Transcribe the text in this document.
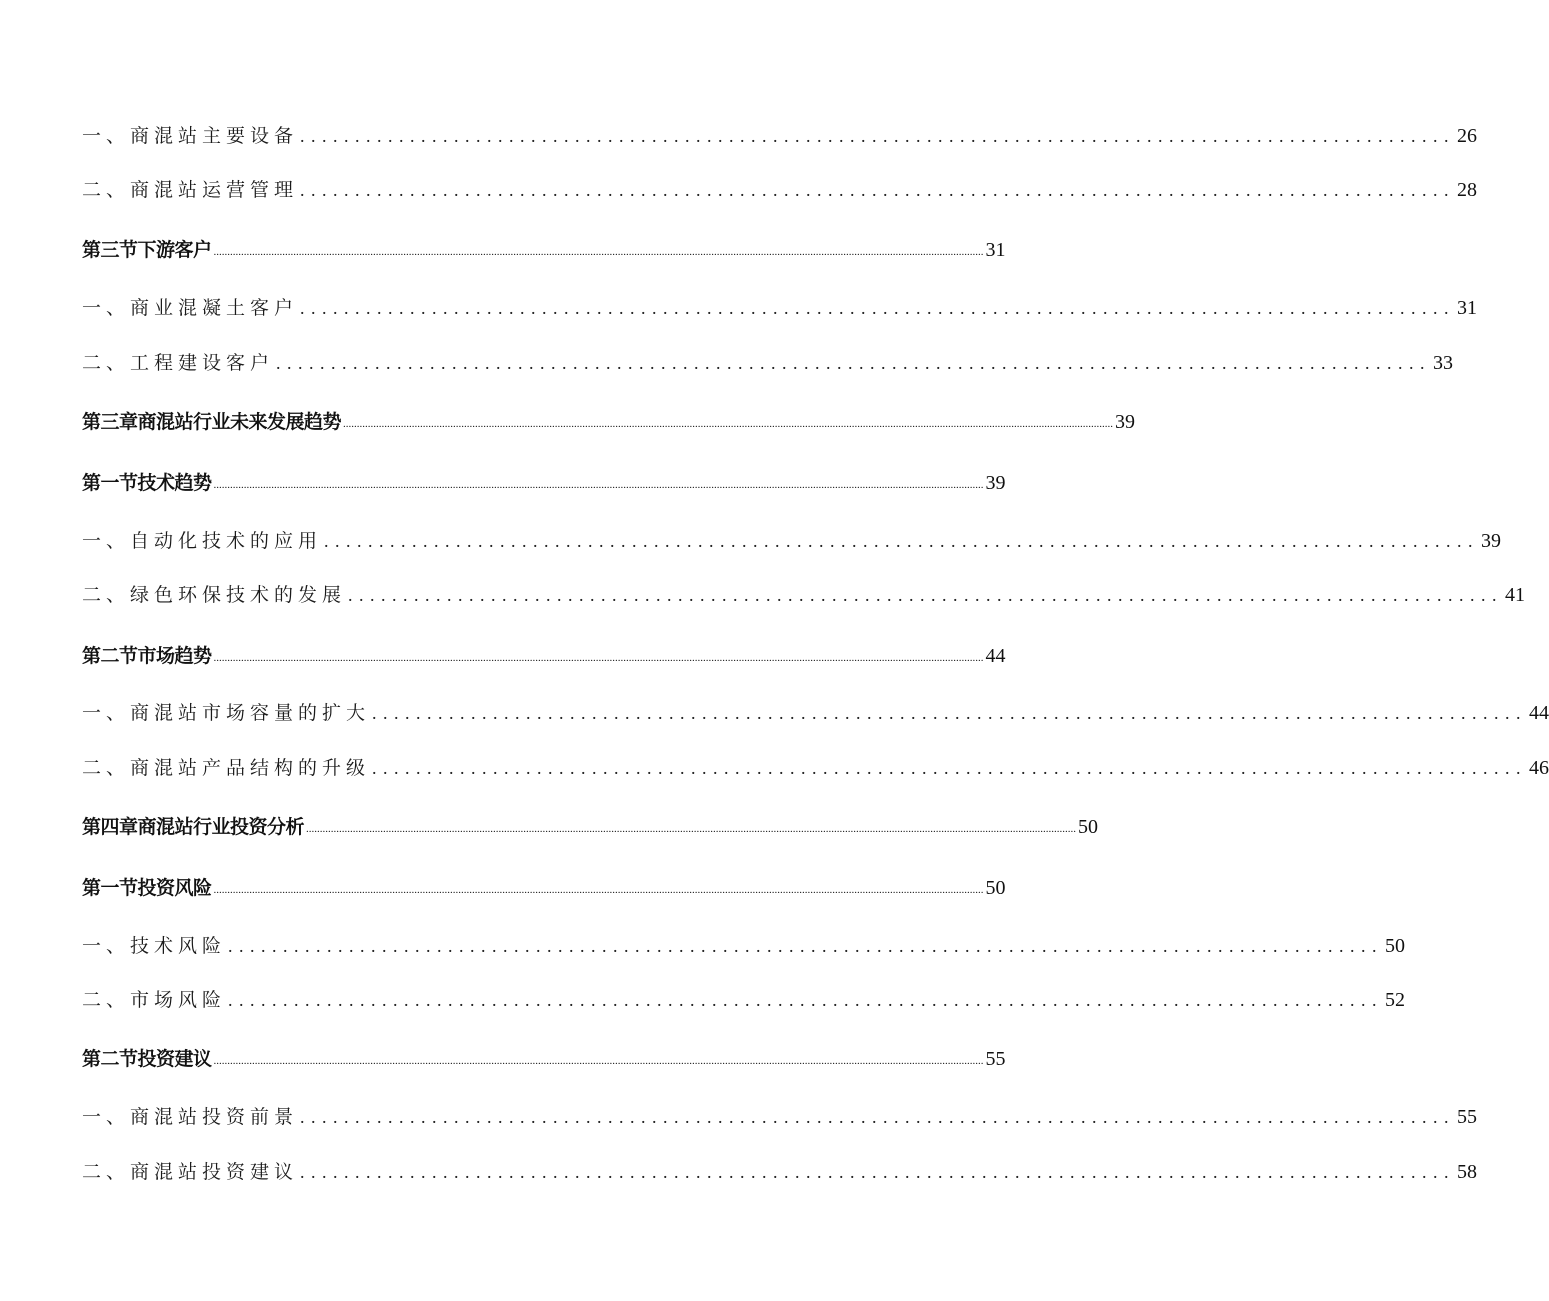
一、商混站主要设备 ......................................................................................................... 26
二、商混站运营管理 ......................................................................................................... 28
第三节下游客户 ........................................................................................................................................................................................................................................................................................ 31
一、商业混凝土客户 ......................................................................................................... 31
二、工程建设客户 ......................................................................................................... 33
第三章商混站行业未来发展趋势 ........................................................................................................................................................................................................................................................................................ 39
第一节技术趋势 ........................................................................................................................................................................................................................................................................................ 39
一、自动化技术的应用 ......................................................................................................... 39
二、绿色环保技术的发展 ......................................................................................................... 41
第二节市场趋势 ........................................................................................................................................................................................................................................................................................ 44
一、商混站市场容量的扩大 ......................................................................................................... 44
二、商混站产品结构的升级 ......................................................................................................... 46
第四章商混站行业投资分析 ........................................................................................................................................................................................................................................................................................ 50
第一节投资风险 ........................................................................................................................................................................................................................................................................................ 50
一、技术风险 ......................................................................................................... 50
二、市场风险 ......................................................................................................... 52
第二节投资建议 ........................................................................................................................................................................................................................................................................................ 55
一、商混站投资前景 ......................................................................................................... 55
二、商混站投资建议 ......................................................................................................... 58
